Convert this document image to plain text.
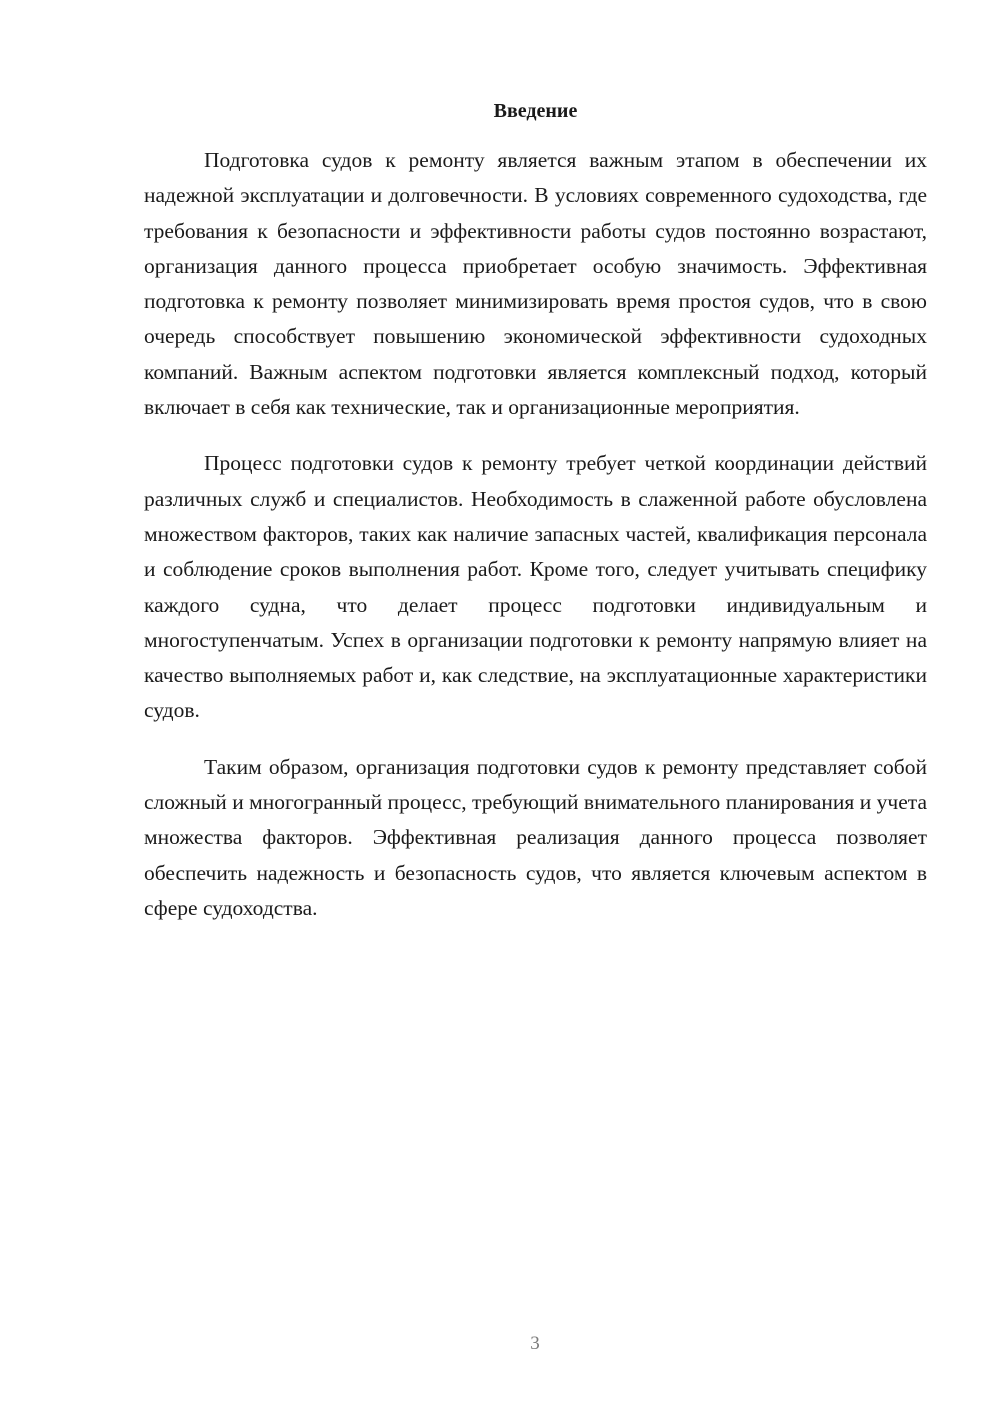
Введение

Подготовка судов к ремонту является важным этапом в обеспечении их надежной эксплуатации и долговечности. В условиях современного судоходства, где требования к безопасности и эффективности работы судов постоянно возрастают, организация данного процесса приобретает особую значимость. Эффективная подготовка к ремонту позволяет минимизировать время простоя судов, что в свою очередь способствует повышению экономической эффективности судоходных компаний. Важным аспектом подготовки является комплексный подход, который включает в себя как технические, так и организационные мероприятия.

Процесс подготовки судов к ремонту требует четкой координации действий различных служб и специалистов. Необходимость в слаженной работе обусловлена множеством факторов, таких как наличие запасных частей, квалификация персонала и соблюдение сроков выполнения работ. Кроме того, следует учитывать специфику каждого судна, что делает процесс подготовки индивидуальным и многоступенчатым. Успех в организации подготовки к ремонту напрямую влияет на качество выполняемых работ и, как следствие, на эксплуатационные характеристики судов.

Таким образом, организация подготовки судов к ремонту представляет собой сложный и многогранный процесс, требующий внимательного планирования и учета множества факторов. Эффективная реализация данного процесса позволяет обеспечить надежность и безопасность судов, что является ключевым аспектом в сфере судоходства.

3
